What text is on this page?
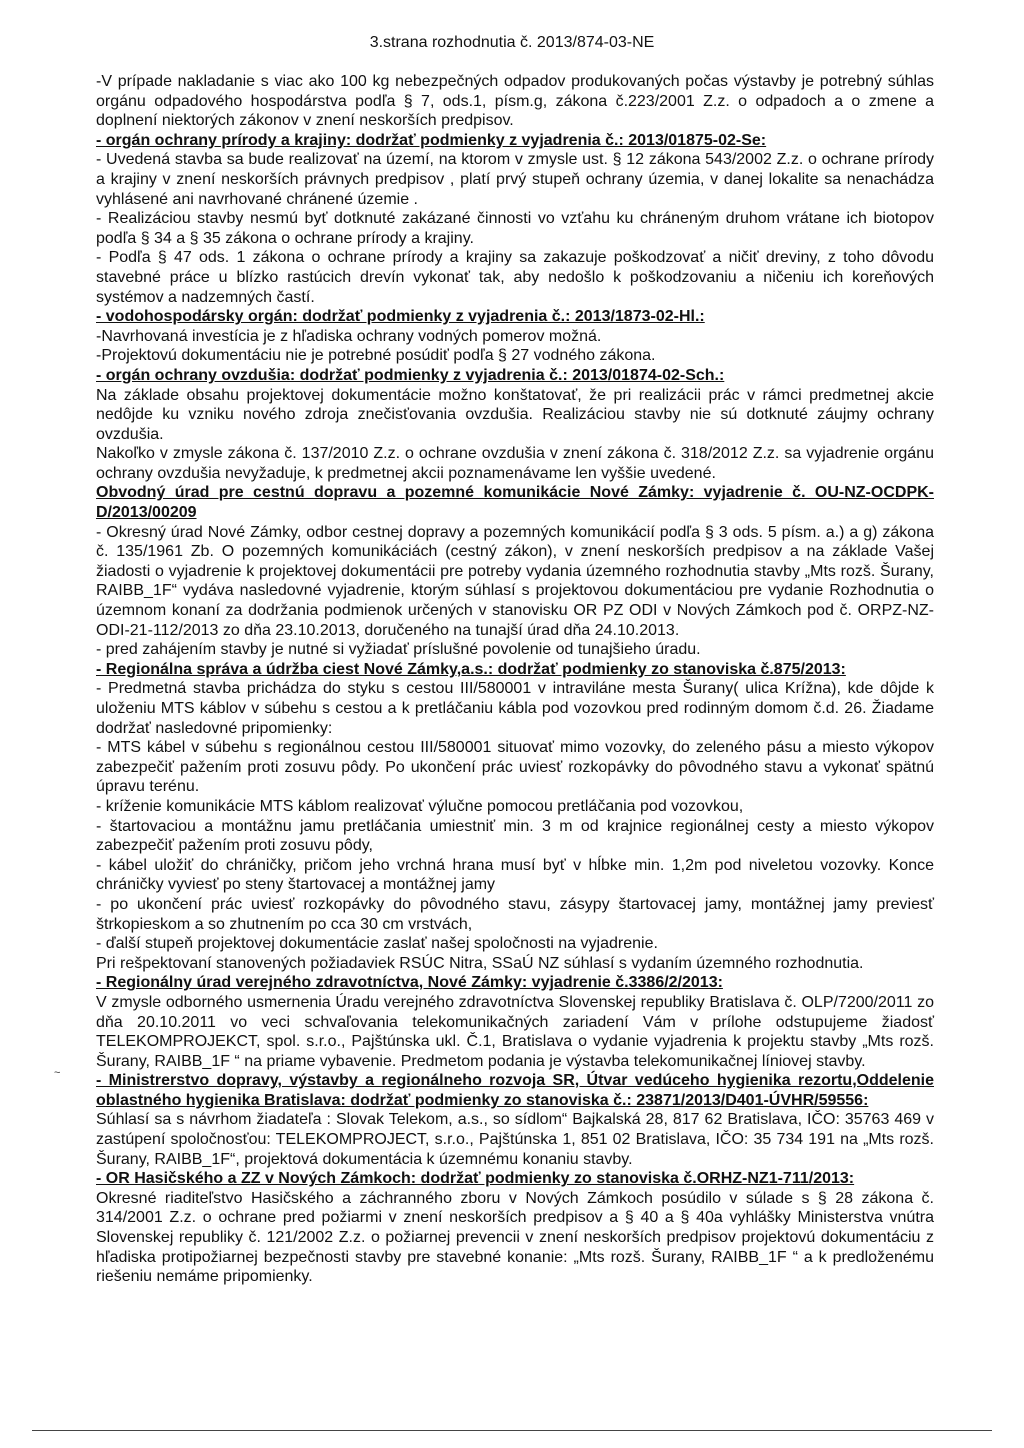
3.strana rozhodnutia č. 2013/874-03-NE

-V prípade nakladanie s viac ako 100 kg nebezpečných odpadov produkovaných počas výstavby je potrebný súhlas orgánu odpadového hospodárstva podľa § 7, ods.1, písm.g, zákona č.223/2001 Z.z. o odpadoch a o zmene a doplnení niektorých zákonov v znení neskorších predpisov.

- orgán ochrany prírody a krajiny: dodržať podmienky z vyjadrenia č.: 2013/01875-02-Se:

- Uvedená stavba sa bude realizovať na území, na ktorom v zmysle ust. § 12 zákona 543/2002 Z.z. o ochrane prírody a krajiny v znení neskorších právnych predpisov , platí prvý stupeň ochrany územia, v danej lokalite sa nenachádza vyhlásené ani navrhované chránené územie .

- Realizáciou stavby nesmú byť dotknuté zakázané činnosti vo vzťahu ku chráneným druhom vrátane ich biotopov podľa § 34 a § 35 zákona o ochrane prírody a krajiny.

- Podľa § 47 ods. 1 zákona o ochrane prírody a krajiny sa zakazuje poškodzovať a ničiť dreviny, z toho dôvodu stavebné práce u blízko rastúcich drevín vykonať tak, aby nedošlo k poškodzovaniu a ničeniu ich koreňových systémov a nadzemných častí.

- vodohospodársky orgán: dodržať podmienky z vyjadrenia č.: 2013/1873-02-Hl.:

-Navrhovaná investícia je z hľadiska ochrany vodných pomerov možná.

-Projektovú dokumentáciu nie je potrebné posúdiť podľa § 27 vodného zákona.

- orgán ochrany ovzdušia: dodržať podmienky z vyjadrenia č.: 2013/01874-02-Sch.:

Na základe obsahu projektovej dokumentácie možno konštatovať, že pri realizácii prác v rámci predmetnej akcie nedôjde ku vzniku nového zdroja znečisťovania ovzdušia. Realizáciou stavby nie sú dotknuté záujmy ochrany ovzdušia.

Nakoľko v zmysle zákona č. 137/2010 Z.z. o ochrane ovzdušia v znení zákona č. 318/2012 Z.z. sa vyjadrenie orgánu ochrany ovzdušia nevyžaduje, k predmetnej akcii poznamenávame len vyššie uvedené.

Obvodný úrad pre cestnú dopravu a pozemné komunikácie Nové Zámky: vyjadrenie č. OU-NZ-OCDPK-D/2013/00209

- Okresný úrad Nové Zámky, odbor cestnej dopravy a pozemných komunikácií podľa § 3 ods. 5 písm. a.) a g) zákona č. 135/1961 Zb. O pozemných komunikáciách (cestný zákon), v znení neskorších predpisov a na základe Vašej žiadosti o vyjadrenie k projektovej dokumentácii pre potreby vydania územného rozhodnutia stavby „Mts rozš. Šurany, RAIBB_1F“ vydáva nasledovné vyjadrenie, ktorým súhlasí s projektovou dokumentáciou pre vydanie Rozhodnutia o územnom konaní za dodržania podmienok určených v stanovisku OR PZ ODI v Nových Zámkoch pod č. ORPZ-NZ-ODI-21-112/2013 zo dňa 23.10.2013, doručeného na tunajší úrad dňa 24.10.2013.

- pred zahájením stavby je nutné si vyžiadať príslušné povolenie od tunajšieho úradu.

- Regionálna správa a údržba ciest Nové Zámky,a.s.: dodržať podmienky zo stanoviska č.875/2013:

- Predmetná stavba prichádza do styku s cestou III/580001 v intraviláne mesta Šurany( ulica Krížna), kde dôjde k uloženiu MTS káblov v súbehu s cestou a k pretláčaniu kábla pod vozovkou pred rodinným domom č.d. 26. Žiadame dodržať nasledovné pripomienky:

- MTS kábel v súbehu s regionálnou cestou III/580001 situovať mimo vozovky, do zeleného pásu a miesto výkopov zabezpečiť pažením proti zosuvu pôdy. Po ukončení prác uviesť rozkopávky do pôvodného stavu a vykonať spätnú úpravu terénu.

- kríženie komunikácie MTS káblom realizovať výlučne pomocou pretláčania pod vozovkou,

- štartovaciou a montážnu jamu pretláčania umiestniť min. 3 m od krajnice regionálnej cesty a miesto výkopov zabezpečiť pažením proti zosuvu pôdy,

- kábel uložiť do chráničky, pričom jeho vrchná hrana musí byť v hĺbke min. 1,2m pod niveletou vozovky. Konce chráničky vyviesť po steny štartovacej a montážnej jamy

- po ukončení prác uviesť rozkopávky do pôvodného stavu, zásypy štartovacej jamy, montážnej jamy previesť štrkopieskom a so zhutnením po cca 30 cm vrstvách,

- ďalší stupeň projektovej dokumentácie zaslať našej spoločnosti na vyjadrenie.

Pri rešpektovaní stanovených požiadaviek RSÚC Nitra, SSaÚ NZ súhlasí s vydaním územného rozhodnutia.

- Regionálny úrad verejného zdravotníctva, Nové Zámky: vyjadrenie č.3386/2/2013:

V zmysle odborného usmernenia Úradu verejného zdravotníctva Slovenskej republiky Bratislava č. OLP/7200/2011 zo dňa 20.10.2011 vo veci schvaľovania telekomunikačných zariadení Vám v prílohe odstupujeme žiadosť TELEKOMPROJEKCT, spol. s.r.o., Pajštúnska ukl. Č.1, Bratislava o vydanie vyjadrenia k projektu stavby „Mts rozš. Šurany, RAIBB_1F “ na priame vybavenie. Predmetom podania je výstavba telekomunikačnej líniovej stavby.

- Ministrerstvo dopravy, výstavby a regionálneho rozvoja SR, Útvar vedúceho hygienika rezortu,Oddelenie oblastného hygienika Bratislava: dodržať podmienky zo stanoviska č.: 23871/2013/D401-ÚVHR/59556:

Súhlasí sa s návrhom žiadateľa : Slovak Telekom, a.s., so sídlom“ Bajkalská 28, 817 62 Bratislava, IČO: 35763 469 v zastúpení spoločnosťou: TELEKOMPROJECT, s.r.o., Pajštúnska 1, 851 02 Bratislava, IČO: 35 734 191 na „Mts rozš. Šurany, RAIBB_1F“, projektová dokumentácia k územnému konaniu stavby.

- OR Hasičského a ZZ v Nových Zámkoch: dodržať podmienky zo stanoviska č.ORHZ-NZ1-711/2013:

Okresné riaditeľstvo Hasičského a záchranného zboru v Nových Zámkoch posúdilo v súlade s § 28 zákona č. 314/2001 Z.z. o ochrane pred požiarmi v znení neskorších predpisov a § 40 a § 40a vyhlášky Ministerstva vnútra Slovenskej republiky č. 121/2002 Z.z. o požiarnej prevencii v znení neskorších predpisov projektovú dokumentáciu z hľadiska protipožiarnej bezpečnosti stavby pre stavebné konanie: „Mts rozš. Šurany, RAIBB_1F “ a k predloženému riešeniu nemáme pripomienky.

~
